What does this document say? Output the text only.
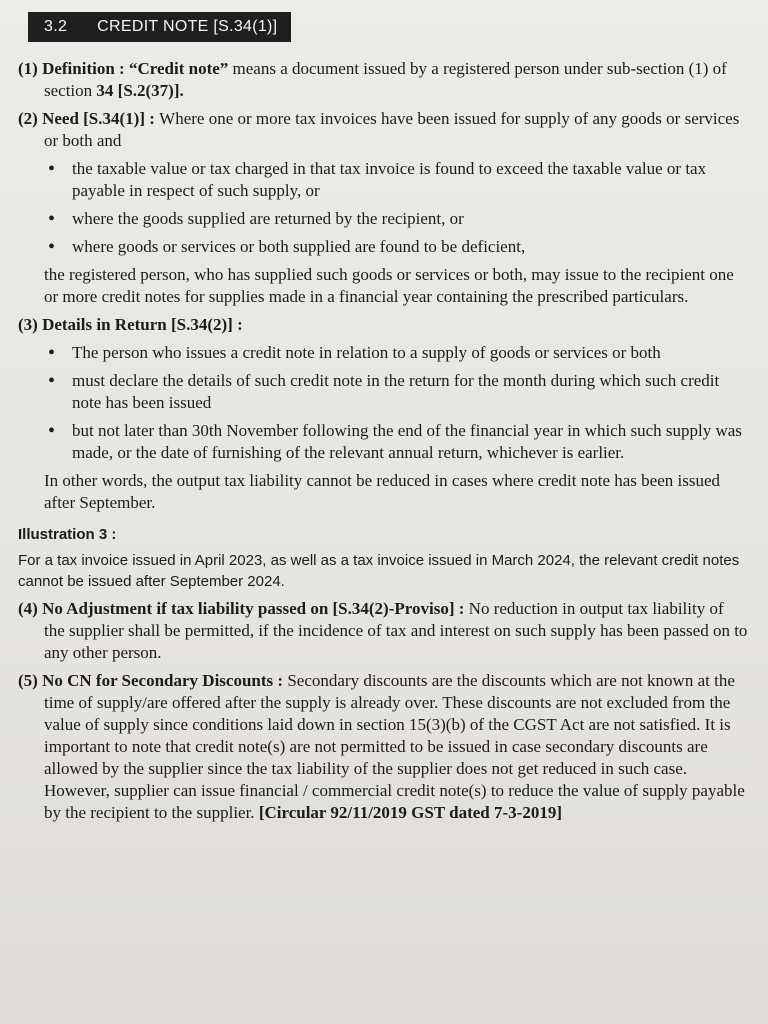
3.2 CREDIT NOTE [S.34(1)]

(1) Definition : “Credit note” means a document issued by a registered person under sub-section (1) of section 34 [S.2(37)].

(2) Need [S.34(1)] : Where one or more tax invoices have been issued for supply of any goods or services or both and

• the taxable value or tax charged in that tax invoice is found to exceed the taxable value or tax payable in respect of such supply, or
• where the goods supplied are returned by the recipient, or
• where goods or services or both supplied are found to be deficient,

the registered person, who has supplied such goods or services or both, may issue to the recipient one or more credit notes for supplies made in a financial year containing the prescribed particulars.

(3) Details in Return [S.34(2)] :

• The person who issues a credit note in relation to a supply of goods or services or both
• must declare the details of such credit note in the return for the month during which such credit note has been issued
• but not later than 30th November following the end of the financial year in which such supply was made, or the date of furnishing of the relevant annual return, whichever is earlier.

In other words, the output tax liability cannot be reduced in cases where credit note has been issued after September.

Illustration 3 :

For a tax invoice issued in April 2023, as well as a tax invoice issued in March 2024, the relevant credit notes cannot be issued after September 2024.

(4) No Adjustment if tax liability passed on [S.34(2)-Proviso] : No reduction in output tax liability of the supplier shall be permitted, if the incidence of tax and interest on such supply has been passed on to any other person.

(5) No CN for Secondary Discounts : Secondary discounts are the discounts which are not known at the time of supply/are offered after the supply is already over. These discounts are not excluded from the value of supply since conditions laid down in section 15(3)(b) of the CGST Act are not satisfied. It is important to note that credit note(s) are not permitted to be issued in case secondary discounts are allowed by the supplier since the tax liability of the supplier does not get reduced in such case. However, supplier can issue financial / commercial credit note(s) to reduce the value of supply payable by the recipient to the supplier. [Circular 92/11/2019 GST dated 7-3-2019]
